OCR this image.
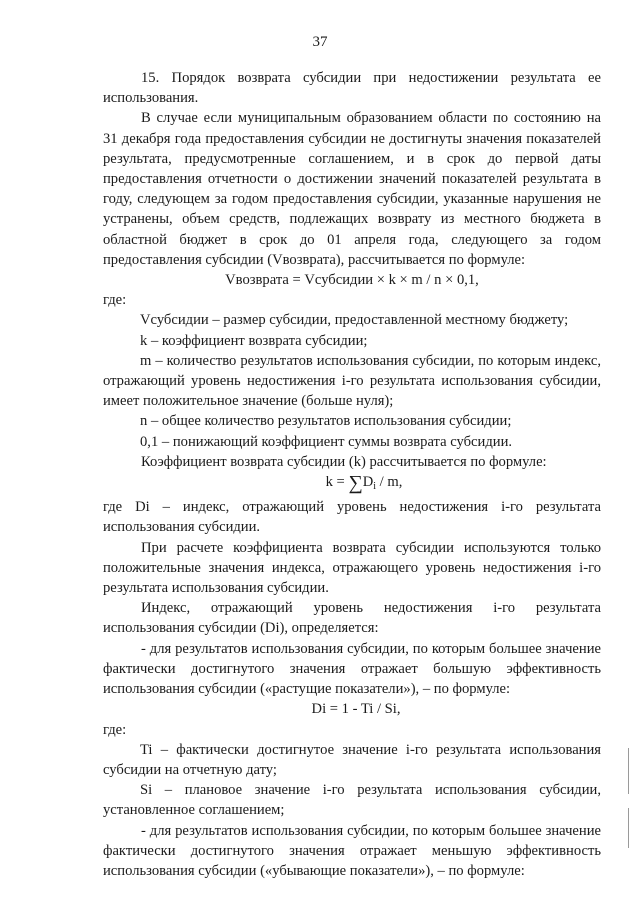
37

15. Порядок возврата субсидии при недостижении результата ее использования.

В случае если муниципальным образованием области по состоянию на 31 декабря года предоставления субсидии не достигнуты значения показателей результата, предусмотренные соглашением, и в срок до первой даты предоставления отчетности о достижении значений показателей результата в году, следующем за годом предоставления субсидии, указанные нарушения не устранены, объем средств, подлежащих возврату из местного бюджета в областной бюджет в срок до 01 апреля года, следующего за годом предоставления субсидии (Vвозврата), рассчитывается по формуле:

Vвозврата = Vсубсидии × k × m / n × 0,1,

где:

Vсубсидии – размер субсидии, предоставленной местному бюджету;

k – коэффициент возврата субсидии;

m – количество результатов использования субсидии, по которым индекс, отражающий уровень недостижения i-го результата использования субсидии, имеет положительное значение (больше нуля);

n – общее количество результатов использования субсидии;

0,1 – понижающий коэффициент суммы возврата субсидии.

Коэффициент возврата субсидии (k) рассчитывается по формуле:

$k = \sum D_i / m$,

где Di – индекс, отражающий уровень недостижения i-го результата использования субсидии.

При расчете коэффициента возврата субсидии используются только положительные значения индекса, отражающего уровень недостижения i-го результата использования субсидии.

Индекс, отражающий уровень недостижения i-го результата использования субсидии (Di), определяется:

- для результатов использования субсидии, по которым большее значение фактически достигнутого значения отражает большую эффективность использования субсидии («растущие показатели»), – по формуле:

Di = 1 - Ti / Si,

где:

Ti – фактически достигнутое значение i-го результата использования субсидии на отчетную дату;

Si – плановое значение i-го результата использования субсидии, установленное соглашением;

- для результатов использования субсидии, по которым большее значение фактически достигнутого значения отражает меньшую эффективность использования субсидии («убывающие показатели»), – по формуле:
